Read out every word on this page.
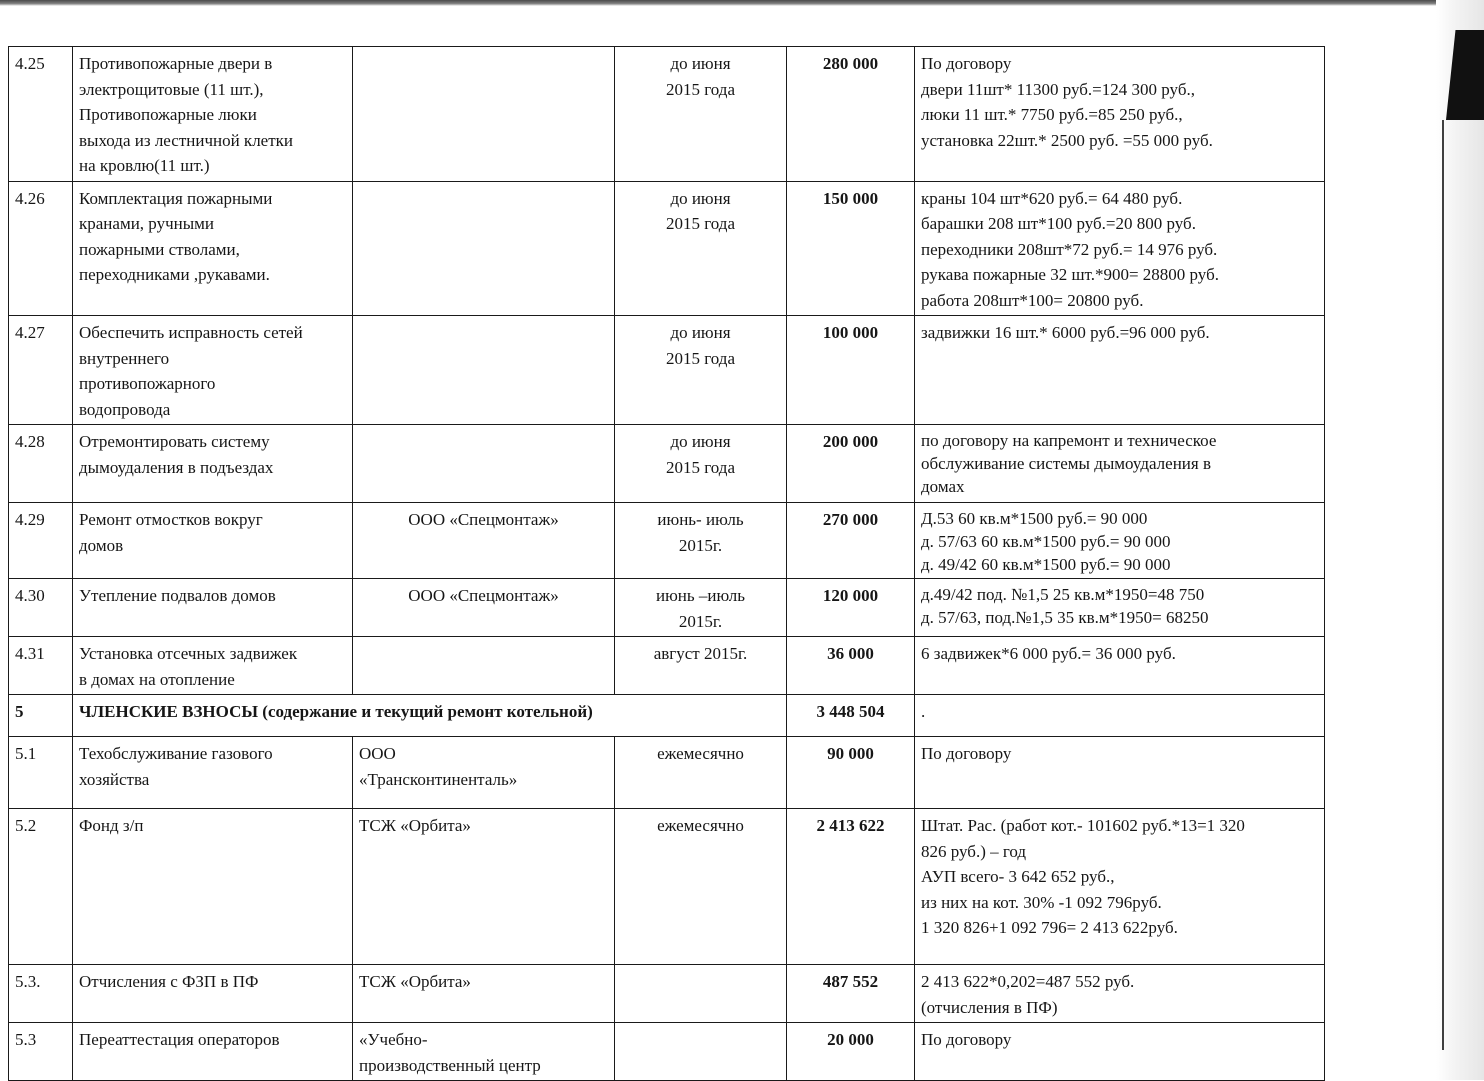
4.25	Противопожарные двери в
электрощитовые (11 шт.),
Противопожарные люки
выхода из лестничной клетки
на кровлю(11 шт.)		до июня
2015 года	280 000	По договору
двери 11шт* 11300 руб.=124 300 руб.,
люки 11 шт.* 7750 руб.=85 250 руб.,
установка 22шт.* 2500 руб. =55 000 руб.

4.26	Комплектация пожарными
кранами, ручными
пожарными стволами,
переходниками ,рукавами.		до июня
2015 года	150 000	краны 104 шт*620 руб.= 64 480 руб.
барашки 208 шт*100 руб.=20 800 руб.
переходники 208шт*72 руб.= 14 976 руб.
рукава пожарные 32 шт.*900= 28800 руб.
работа 208шт*100= 20800 руб.

4.27	Обеспечить исправность сетей
внутреннего
противопожарного
водопровода		до июня
2015 года	100 000	задвижки 16 шт.* 6000 руб.=96 000 руб.

4.28	Отремонтировать систему
дымоудаления в подъездах		до июня
2015 года	200 000	по договору на капремонт и техническое
обслуживание системы дымоудаления в
домах

4.29	Ремонт отмостков вокруг
домов	ООО «Спецмонтаж»	июнь- июль
2015г.	270 000	Д.53 60 кв.м*1500 руб.= 90 000
д. 57/63 60 кв.м*1500 руб.= 90 000
д. 49/42 60 кв.м*1500 руб.= 90 000

4.30	Утепление подвалов домов	ООО «Спецмонтаж»	июнь –июль
2015г.	120 000	д.49/42 под. №1,5 25 кв.м*1950=48 750
д. 57/63, под.№1,5 35 кв.м*1950= 68250

4.31	Установка отсечных задвижек
в домах на отопление		август 2015г.	36 000	6 задвижек*6 000 руб.= 36 000 руб.

5	ЧЛЕНСКИЕ ВЗНОСЫ (содержание и текущий ремонт котельной)			3 448 504	.
5.1	Техобслуживание газового
хозяйства	ООО
«Трансконтиненталь»	ежемесячно	90 000	По договору

5.2	Фонд з/п	ТСЖ «Орбита»	ежемесячно	2 413 622	Штат. Рас. (работ кот.- 101602 руб.*13=1 320
826 руб.) – год
АУП всего- 3 642 652 руб.,
из них на кот. 30% -1 092 796руб.
1 320 826+1 092 796= 2 413 622руб.

5.3.	Отчисления с ФЗП в ПФ	ТСЖ «Орбита»		487 552	2 413 622*0,202=487 552 руб.
(отчисления в ПФ)

5.3	Переаттестация операторов	«Учебно-
производственный центр		20 000	По договору
